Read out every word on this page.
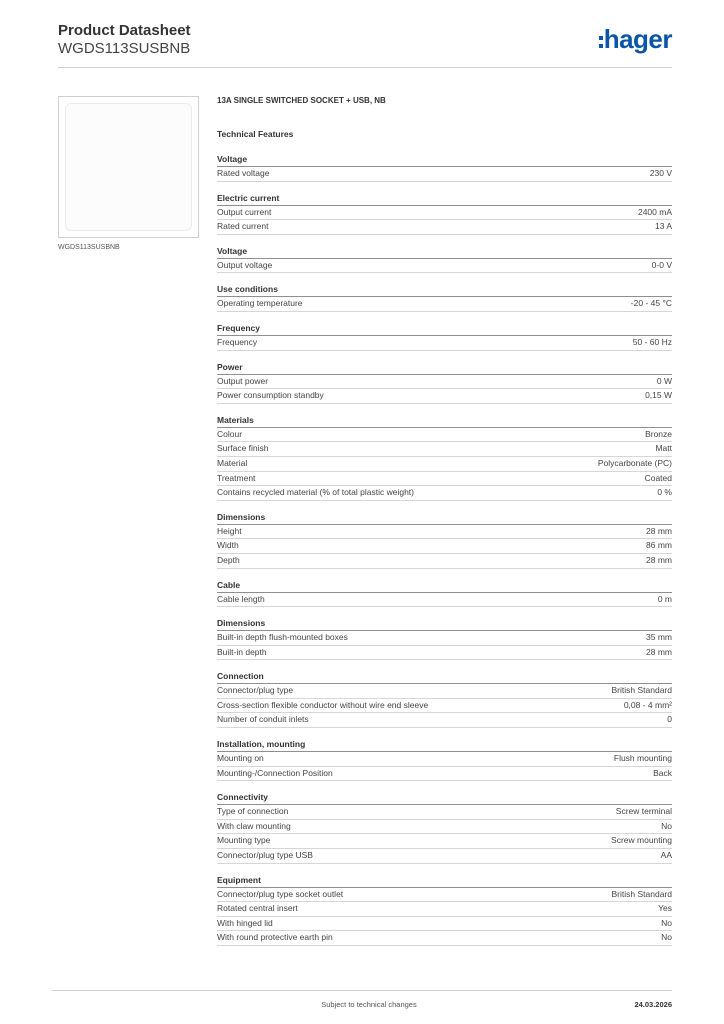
Product Datasheet
WGDS113SUSBNB	hager
WGDS113SUSBNB
13A SINGLE SWITCHED SOCKET + USB, NB
Technical Features
Voltage
Rated voltage	230 V
Electric current
Output current	2400 mA
Rated current	13 A
Voltage
Output voltage	0-0 V
Use conditions
Operating temperature	-20 - 45 °C
Frequency
Frequency	50 - 60 Hz
Power
Output power	0 W
Power consumption standby	0,15 W
Materials
Colour	Bronze
Surface finish	Matt
Material	Polycarbonate (PC)
Treatment	Coated
Contains recycled material (% of total plastic weight)	0 %
Dimensions
Height	28 mm
Width	86 mm
Depth	28 mm
Cable
Cable length	0 m
Dimensions
Built-in depth flush-mounted boxes	35 mm
Built-in depth	28 mm
Connection
Connector/plug type	British Standard
Cross-section flexible conductor without wire end sleeve	0,08 - 4 mm²
Number of conduit inlets	0
Installation, mounting
Mounting on	Flush mounting
Mounting-/Connection Position	Back
Connectivity
Type of connection	Screw terminal
With claw mounting	No
Mounting type	Screw mounting
Connector/plug type USB	AA
Equipment
Connector/plug type socket outlet	British Standard
Rotated central insert	Yes
With hinged lid	No
With round protective earth pin	No
Subject to technical changes	24.03.2026
